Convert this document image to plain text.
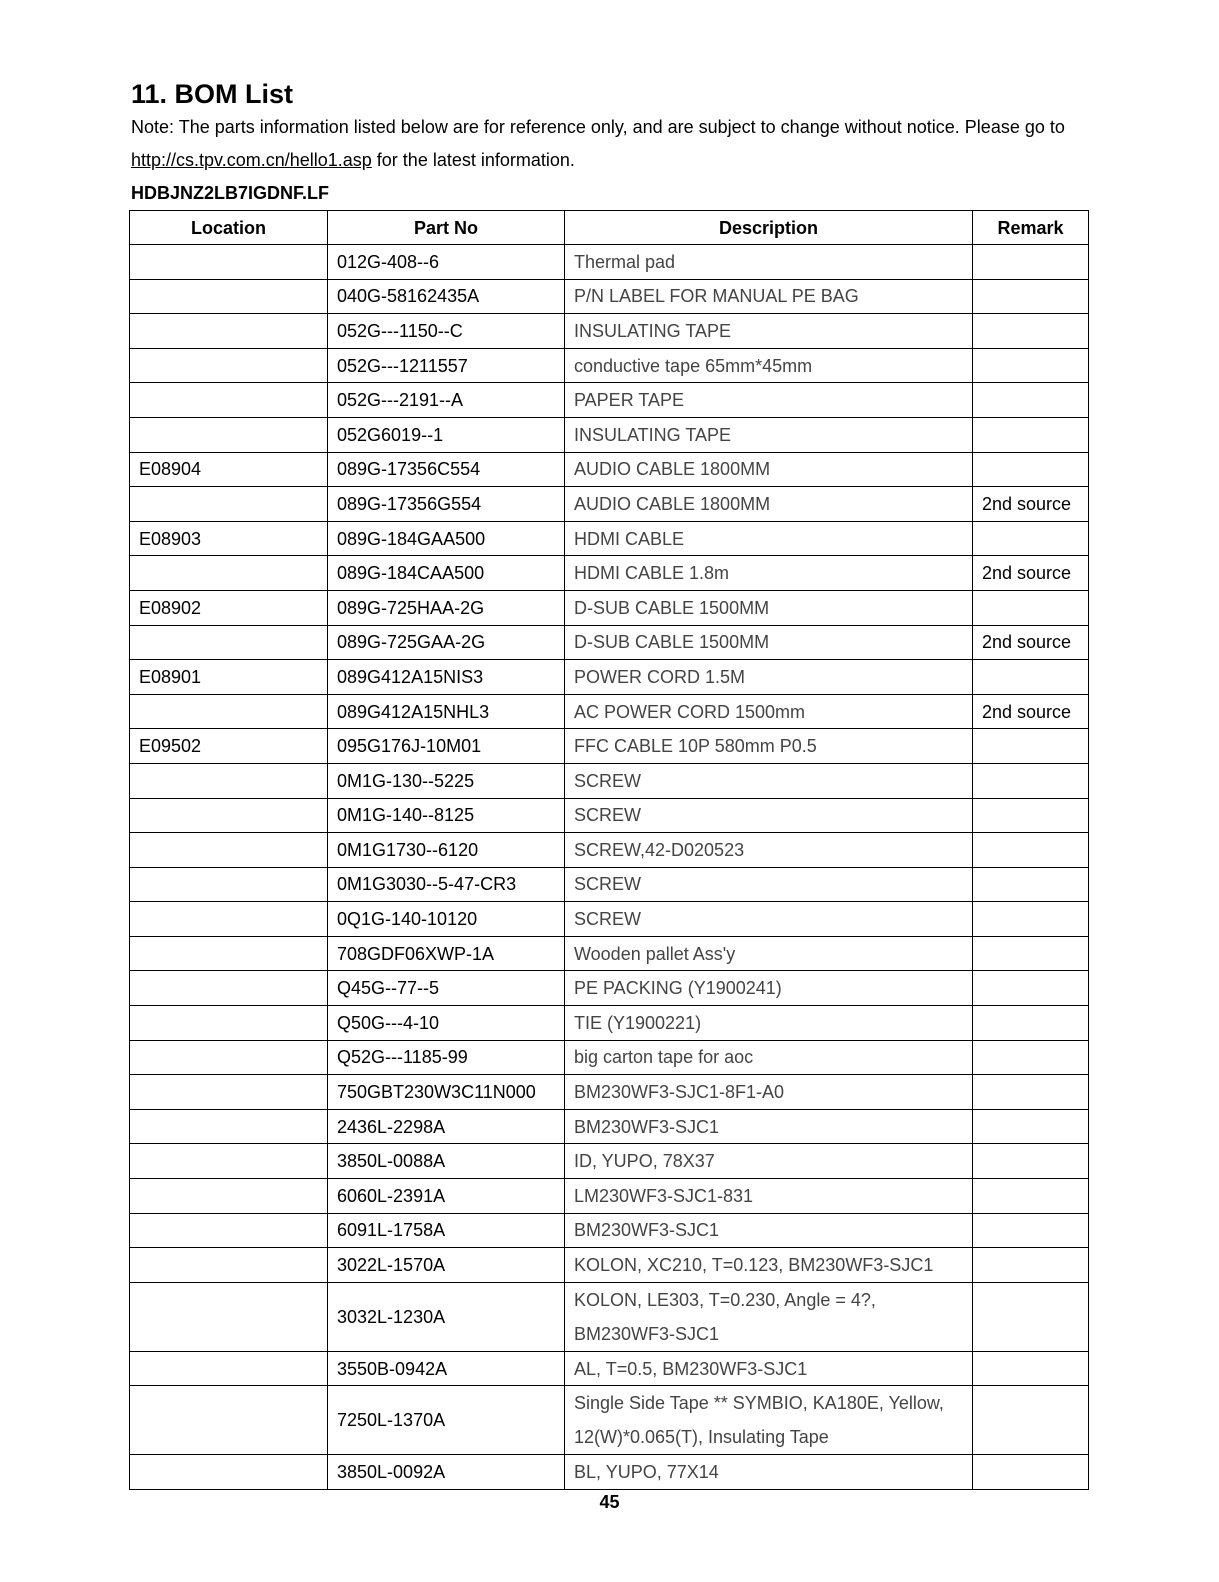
11. BOM List
Note: The parts information listed below are for reference only, and are subject to change without notice. Please go to http://cs.tpv.com.cn/hello1.asp for the latest information.
HDBJNZ2LB7IGDNF.LF
Location	Part No	Description	Remark
	012G-408--6	Thermal pad	
	040G-58162435A	P/N LABEL FOR MANUAL PE BAG	
	052G---1150--C	INSULATING TAPE	
	052G---1211557	conductive tape 65mm*45mm	
	052G---2191--A	PAPER TAPE	
	052G6019--1	INSULATING TAPE	
E08904	089G-17356C554	AUDIO CABLE 1800MM	
	089G-17356G554	AUDIO CABLE 1800MM	2nd source
E08903	089G-184GAA500	HDMI CABLE	
	089G-184CAA500	HDMI CABLE 1.8m	2nd source
E08902	089G-725HAA-2G	D-SUB CABLE 1500MM	
	089G-725GAA-2G	D-SUB CABLE 1500MM	2nd source
E08901	089G412A15NIS3	POWER CORD 1.5M	
	089G412A15NHL3	AC POWER CORD 1500mm	2nd source
E09502	095G176J-10M01	FFC CABLE 10P 580mm P0.5	
	0M1G-130--5225	SCREW	
	0M1G-140--8125	SCREW	
	0M1G1730--6120	SCREW,42-D020523	
	0M1G3030--5-47-CR3	SCREW	
	0Q1G-140-10120	SCREW	
	708GDF06XWP-1A	Wooden pallet Ass'y	
	Q45G--77--5	PE PACKING (Y1900241)	
	Q50G---4-10	TIE (Y1900221)	
	Q52G---1185-99	big carton tape for aoc	
	750GBT230W3C11N000	BM230WF3-SJC1-8F1-A0	
	2436L-2298A	BM230WF3-SJC1	
	3850L-0088A	ID, YUPO, 78X37	
	6060L-2391A	LM230WF3-SJC1-831	
	6091L-1758A	BM230WF3-SJC1	
	3022L-1570A	KOLON, XC210, T=0.123, BM230WF3-SJC1	
	3032L-1230A	KOLON, LE303, T=0.230, Angle = 4?, BM230WF3-SJC1	
	3550B-0942A	AL, T=0.5, BM230WF3-SJC1	
	7250L-1370A	Single Side Tape ** SYMBIO, KA180E, Yellow, 12(W)*0.065(T), Insulating Tape	
	3850L-0092A	BL, YUPO, 77X14	
45
